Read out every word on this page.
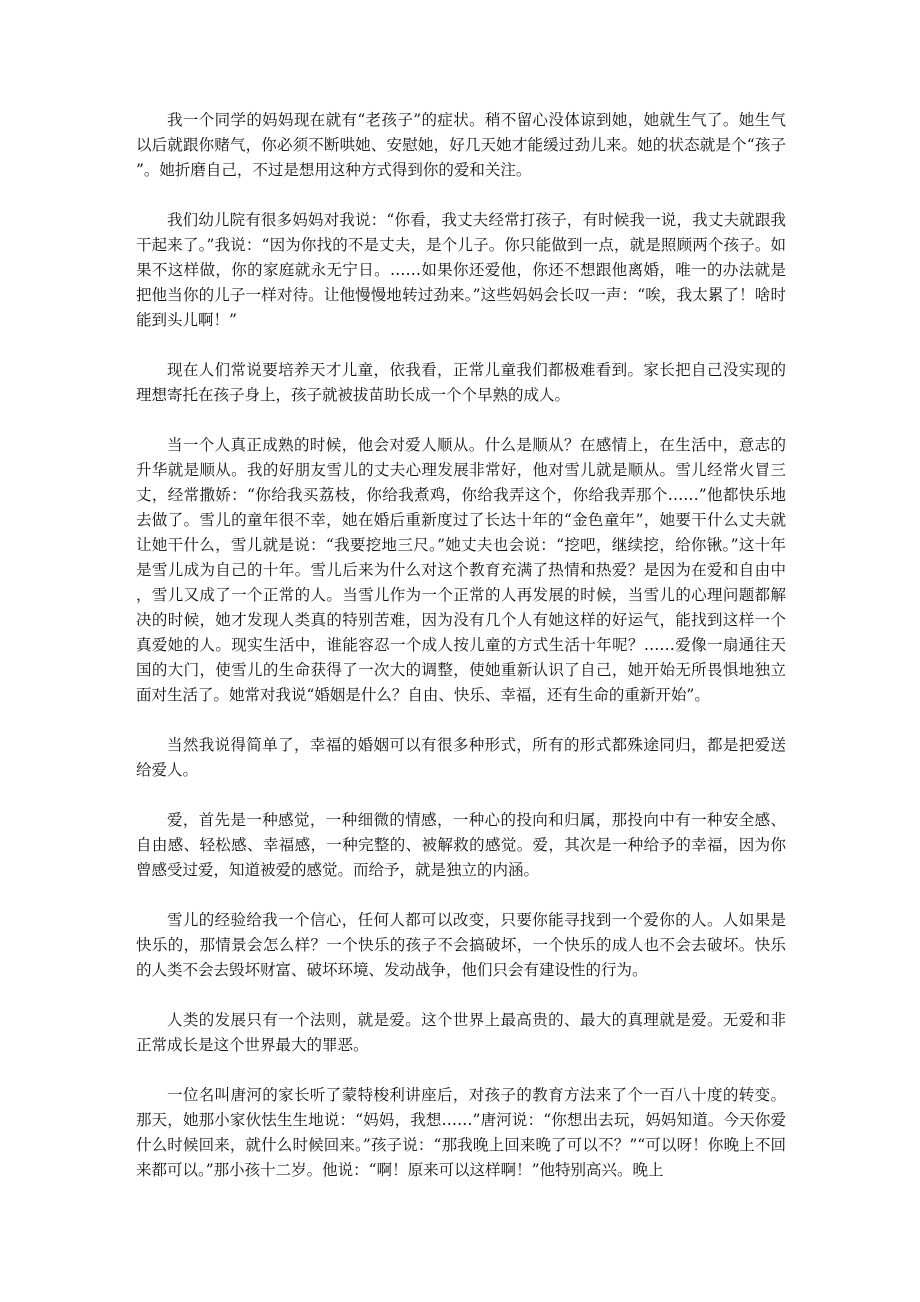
我一个同学的妈妈现在就有“老孩子”的症状。稍不留心没体谅到她，她就生气了。她生气以后就跟你赌气，你必须不断哄她、安慰她，好几天她才能缓过劲儿来。她的状态就是个“孩子”。她折磨自己，不过是想用这种方式得到你的爱和关注。

我们幼儿院有很多妈妈对我说：“你看，我丈夫经常打孩子，有时候我一说，我丈夫就跟我干起来了。”我说：“因为你找的不是丈夫，是个儿子。你只能做到一点，就是照顾两个孩子。如果不这样做，你的家庭就永无宁日。……如果你还爱他，你还不想跟他离婚，唯一的办法就是把他当你的儿子一样对待。让他慢慢地转过劲来。”这些妈妈会长叹一声：“唉，我太累了！啥时能到头儿啊！”

现在人们常说要培养天才儿童，依我看，正常儿童我们都极难看到。家长把自己没实现的理想寄托在孩子身上，孩子就被拔苗助长成一个个早熟的成人。

当一个人真正成熟的时候，他会对爱人顺从。什么是顺从？在感情上，在生活中，意志的升华就是顺从。我的好朋友雪儿的丈夫心理发展非常好，他对雪儿就是顺从。雪儿经常火冒三丈，经常撒娇：“你给我买荔枝，你给我煮鸡，你给我弄这个，你给我弄那个……”他都快乐地去做了。雪儿的童年很不幸，她在婚后重新度过了长达十年的“金色童年”，她要干什么丈夫就让她干什么，雪儿就是说：“我要挖地三尺。”她丈夫也会说：“挖吧，继续挖，给你锹。”这十年是雪儿成为自己的十年。雪儿后来为什么对这个教育充满了热情和热爱？是因为在爱和自由中，雪儿又成了一个正常的人。当雪儿作为一个正常的人再发展的时候，当雪儿的心理问题都解决的时候，她才发现人类真的特别苦难，因为没有几个人有她这样的好运气，能找到这样一个真爱她的人。现实生活中，谁能容忍一个成人按儿童的方式生活十年呢？……爱像一扇通往天国的大门，使雪儿的生命获得了一次大的调整，使她重新认识了自己，她开始无所畏惧地独立面对生活了。她常对我说“婚姻是什么？自由、快乐、幸福，还有生命的重新开始”。

当然我说得简单了，幸福的婚姻可以有很多种形式，所有的形式都殊途同归，都是把爱送给爱人。

爱，首先是一种感觉，一种细微的情感，一种心的投向和归属，那投向中有一种安全感、自由感、轻松感、幸福感，一种完整的、被解救的感觉。爱，其次是一种给予的幸福，因为你曾感受过爱，知道被爱的感觉。而给予，就是独立的内涵。

雪儿的经验给我一个信心，任何人都可以改变，只要你能寻找到一个爱你的人。人如果是快乐的，那情景会怎么样？一个快乐的孩子不会搞破坏，一个快乐的成人也不会去破坏。快乐的人类不会去毁坏财富、破坏环境、发动战争，他们只会有建设性的行为。

人类的发展只有一个法则，就是爱。这个世界上最高贵的、最大的真理就是爱。无爱和非正常成长是这个世界最大的罪恶。

一位名叫唐河的家长听了蒙特梭利讲座后，对孩子的教育方法来了个一百八十度的转变。那天，她那小家伙怯生生地说：“妈妈，我想……”唐河说：“你想出去玩，妈妈知道。今天你爱什么时候回来，就什么时候回来。”孩子说：“那我晚上回来晚了可以不？”“可以呀！你晚上不回来都可以。”那小孩十二岁。他说：“啊！原来可以这样啊！”他特别高兴。晚上
